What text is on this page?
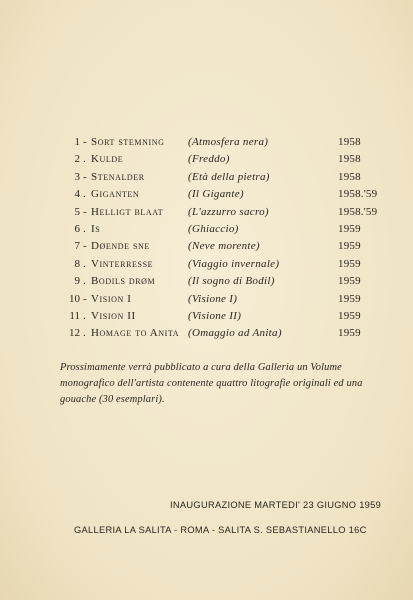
1 - Sort stemning (Atmosfera nera)	1958
2 . Kulde	(Freddo)	1958
3 - Stenalder	(Età della pietra)	1958
4 . Giganten	(Il Gigante)	1958.'59
5 - Helligt blaat (L'azzurro sacro)	1958.'59
6 . Is	(Ghiaccio)	1959
7 - Døende sne	(Neve morente)	1959
8 . Vinterresse	(Viaggio invernale)	1959
9 . Bodils drøm	(Il sogno di Bodil)	1959
10 - Vision I	(Visione I)	1959
11 . Vision II	(Visione II)	1959
12 . Homage to Anita (Omaggio ad Anita)	1959
Prossimamente verrà pubblicato a cura della Galleria un Volume monografico dell'artista contenente quattro litografie originali ed una gouache (30 esemplari).
INAUGURAZIONE MARTEDI' 23 GIUGNO 1959
GALLERIA LA SALITA - ROMA - SALITA S. SEBASTIANELLO 16C
